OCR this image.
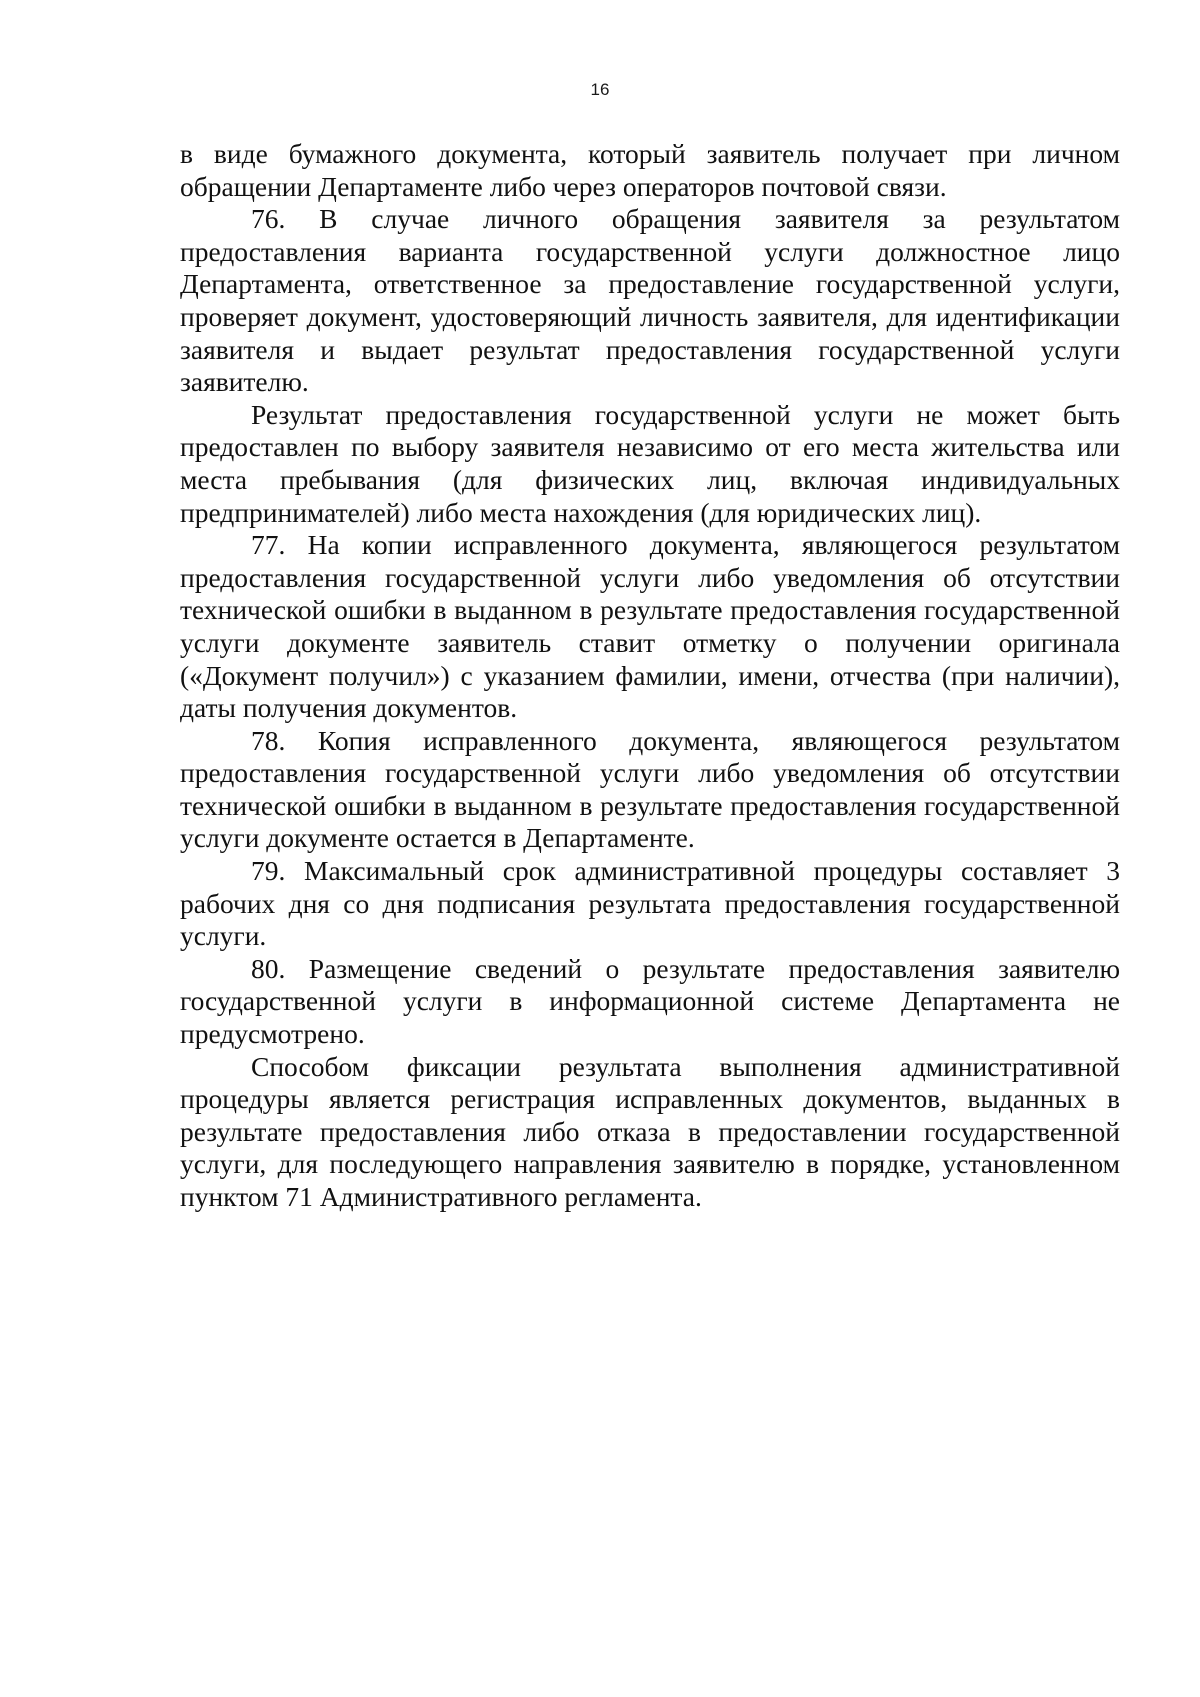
16

в виде бумажного документа, который заявитель получает при личном обращении Департаменте либо через операторов почтовой связи.

76. В случае личного обращения заявителя за результатом предоставления варианта государственной услуги должностное лицо Департамента, ответственное за предоставление государственной услуги, проверяет документ, удостоверяющий личность заявителя, для идентификации заявителя и выдает результат предоставления государственной услуги заявителю.

Результат предоставления государственной услуги не может быть предоставлен по выбору заявителя независимо от его места жительства или места пребывания (для физических лиц, включая индивидуальных предпринимателей) либо места нахождения (для юридических лиц).

77. На копии исправленного документа, являющегося результатом предоставления государственной услуги либо уведомления об отсутствии технической ошибки в выданном в результате предоставления государственной услуги документе заявитель ставит отметку о получении оригинала («Документ получил») с указанием фамилии, имени, отчества (при наличии), даты получения документов.

78. Копия исправленного документа, являющегося результатом предоставления государственной услуги либо уведомления об отсутствии технической ошибки в выданном в результате предоставления государственной услуги документе остается в Департаменте.

79. Максимальный срок административной процедуры составляет 3 рабочих дня со дня подписания результата предоставления государственной услуги.

80. Размещение сведений о результате предоставления заявителю государственной услуги в информационной системе Департамента не предусмотрено.

Способом фиксации результата выполнения административной процедуры является регистрация исправленных документов, выданных в результате предоставления либо отказа в предоставлении государственной услуги, для последующего направления заявителю в порядке, установленном пунктом 71 Административного регламента.
